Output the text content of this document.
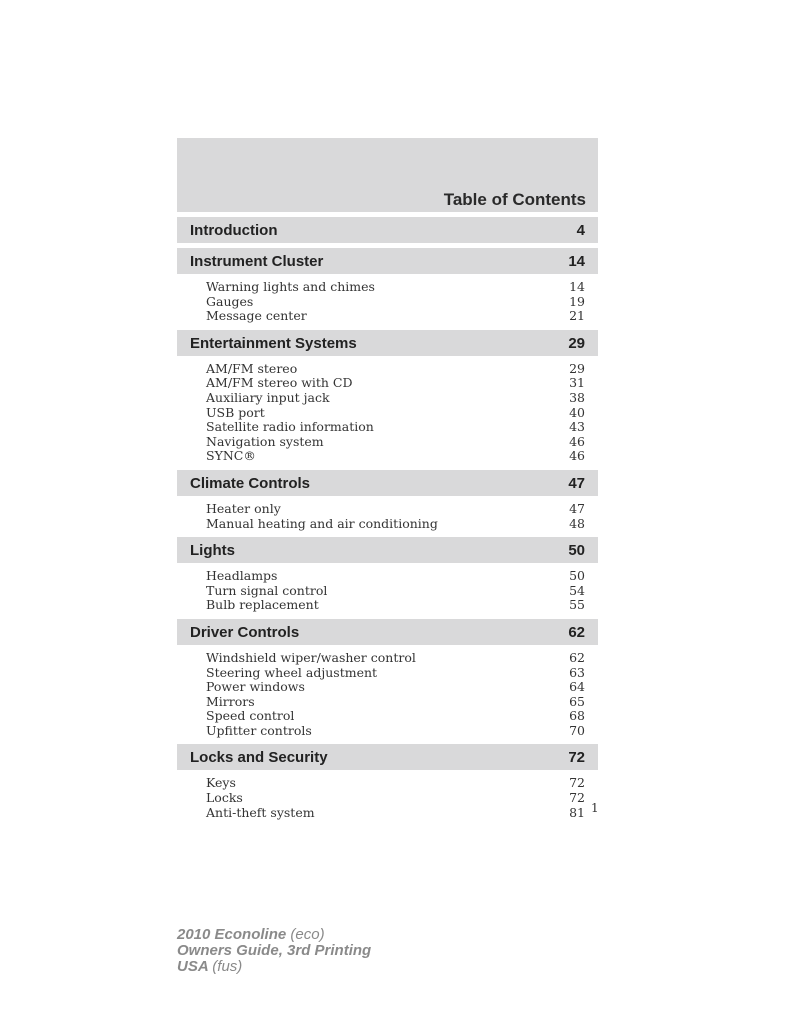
Table of Contents
Introduction	4
Instrument Cluster	14
Warning lights and chimes	14
Gauges	19
Message center	21
Entertainment Systems	29
AM/FM stereo	29
AM/FM stereo with CD	31
Auxiliary input jack	38
USB port	40
Satellite radio information	43
Navigation system	46
SYNC®	46
Climate Controls	47
Heater only	47
Manual heating and air conditioning	48
Lights	50
Headlamps	50
Turn signal control	54
Bulb replacement	55
Driver Controls	62
Windshield wiper/washer control	62
Steering wheel adjustment	63
Power windows	64
Mirrors	65
Speed control	68
Upfitter controls	70
Locks and Security	72
Keys	72
Locks	72
Anti-theft system	81 1
2010 Econoline (eco)
Owners Guide, 3rd Printing
USA (fus)
